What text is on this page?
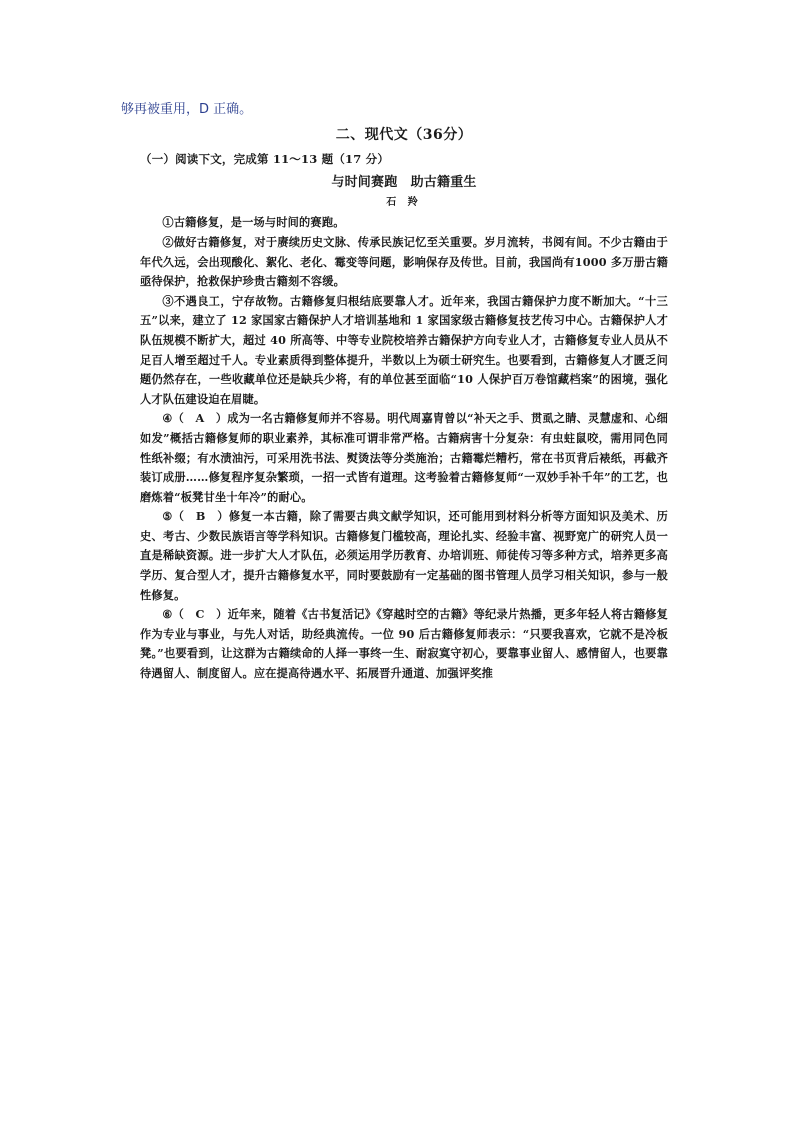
够再被重用，D 正确。
二、现代文（36分）
（一）阅读下文，完成第 11～13 题（17 分）
与时间赛跑　助古籍重生
石 羚

①古籍修复，是一场与时间的赛跑。

②做好古籍修复，对于赓续历史文脉、传承民族记忆至关重要。岁月流转，书阅有间。不少古籍由于年代久远，会出现酸化、絮化、老化、霉变等问题，影响保存及传世。目前，我国尚有1000 多万册古籍亟待保护，抢救保护珍贵古籍刻不容缓。

③不遇良工，宁存故物。古籍修复归根结底要靠人才。近年来，我国古籍保护力度不断加大。“十三五”以来，建立了 12 家国家古籍保护人才培训基地和 1 家国家级古籍修复技艺传习中心。古籍保护人才队伍规模不断扩大，超过 40 所高等、中等专业院校培养古籍保护方向专业人才，古籍修复专业人员从不足百人增至超过千人。专业素质得到整体提升，半数以上为硕士研究生。也要看到，古籍修复人才匮乏问题仍然存在，一些收藏单位还是缺兵少将，有的单位甚至面临“10 人保护百万卷馆藏档案”的困境，强化人才队伍建设迫在眉睫。

④（　A　）成为一名古籍修复师并不容易。明代周嘉胄曾以“补天之手、贯虱之睛、灵慧虚和、心细如发”概括古籍修复师的职业素养，其标准可谓非常严格。古籍病害十分复杂：有虫蛀鼠咬，需用同色同性纸补缀；有水渍油污，可采用洗书法、熨烫法等分类施治；古籍霉烂糟朽，常在书页背后裱纸，再截齐装订成册……修复程序复杂繁琐，一招一式皆有道理。这考验着古籍修复师“一双妙手补千年”的工艺，也磨炼着“板凳甘坐十年冷”的耐心。

⑤（　B　）修复一本古籍，除了需要古典文献学知识，还可能用到材料分析等方面知识及美术、历史、考古、少数民族语言等学科知识。古籍修复门槛较高，理论扎实、经验丰富、视野宽广的研究人员一直是稀缺资源。进一步扩大人才队伍，必须运用学历教育、办培训班、师徒传习等多种方式，培养更多高学历、复合型人才，提升古籍修复水平，同时要鼓励有一定基础的图书管理人员学习相关知识，参与一般性修复。

⑥（　C　）近年来，随着《古书复活记》《穿越时空的古籍》等纪录片热播，更多年轻人将古籍修复作为专业与事业，与先人对话，助经典流传。一位 90 后古籍修复师表示：“只要我喜欢，它就不是冷板凳。”也要看到，让这群为古籍续命的人择一事终一生、耐寂寞守初心，要靠事业留人、感情留人，也要靠待遇留人、制度留人。应在提高待遇水平、拓展晋升通道、加强评奖推
